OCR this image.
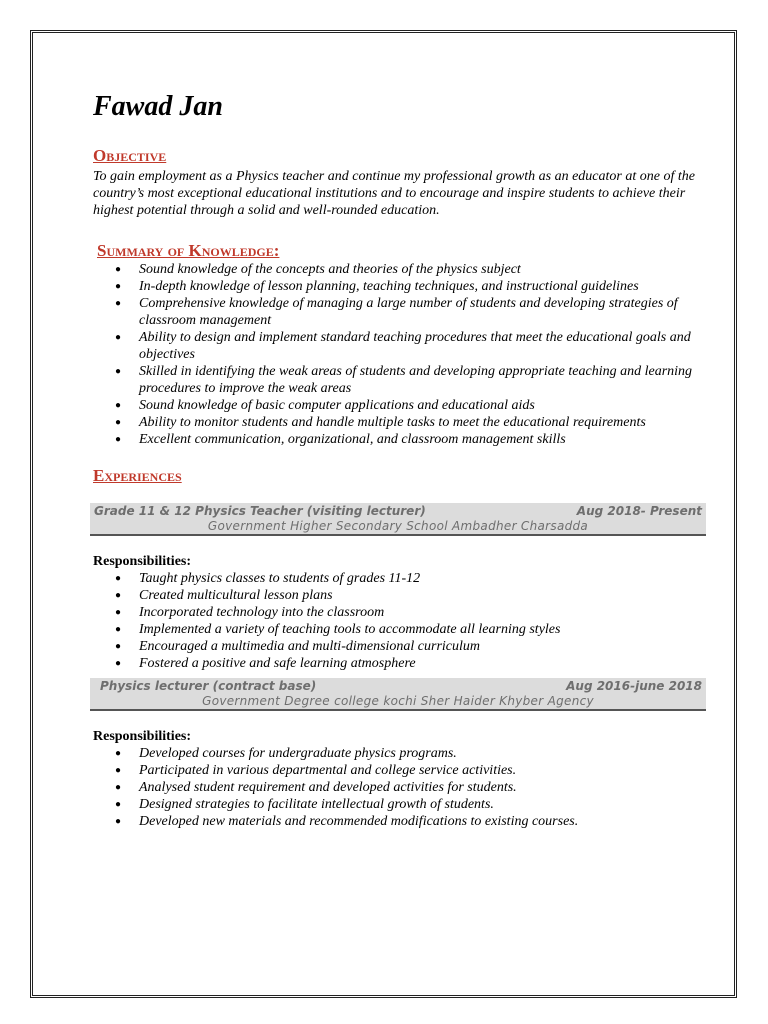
Fawad Jan
Objective

To gain employment as a Physics teacher and continue my professional growth as an educator at one of the country’s most exceptional educational institutions and to encourage and inspire students to achieve their highest potential through a solid and well-rounded education.

Summary of Knowledge:
● Sound knowledge of the concepts and theories of the physics subject
● In-depth knowledge of lesson planning, teaching techniques, and instructional guidelines
● Comprehensive knowledge of managing a large number of students and developing strategies of classroom management
● Ability to design and implement standard teaching procedures that meet the educational goals and objectives
● Skilled in identifying the weak areas of students and developing appropriate teaching and learning procedures to improve the weak areas
● Sound knowledge of basic computer applications and educational aids
● Ability to monitor students and handle multiple tasks to meet the educational requirements
● Excellent communication, organizational, and classroom management skills
Experiences
Grade 11 & 12 Physics Teacher (visiting lecturer)	Aug 2018- Present
Government Higher Secondary School Ambadher Charsadda
Responsibilities:
● Taught physics classes to students of grades 11-12
● Created multicultural lesson plans
● Incorporated technology into the classroom
● Implemented a variety of teaching tools to accommodate all learning styles
● Encouraged a multimedia and multi-dimensional curriculum
● Fostered a positive and safe learning atmosphere
Physics lecturer (contract base)	Aug 2016-june 2018
Government Degree college kochi Sher Haider Khyber Agency
Responsibilities:
● Developed courses for undergraduate physics programs.
● Participated in various departmental and college service activities.
● Analysed student requirement and developed activities for students.
● Designed strategies to facilitate intellectual growth of students.
● Developed new materials and recommended modifications to existing courses.
